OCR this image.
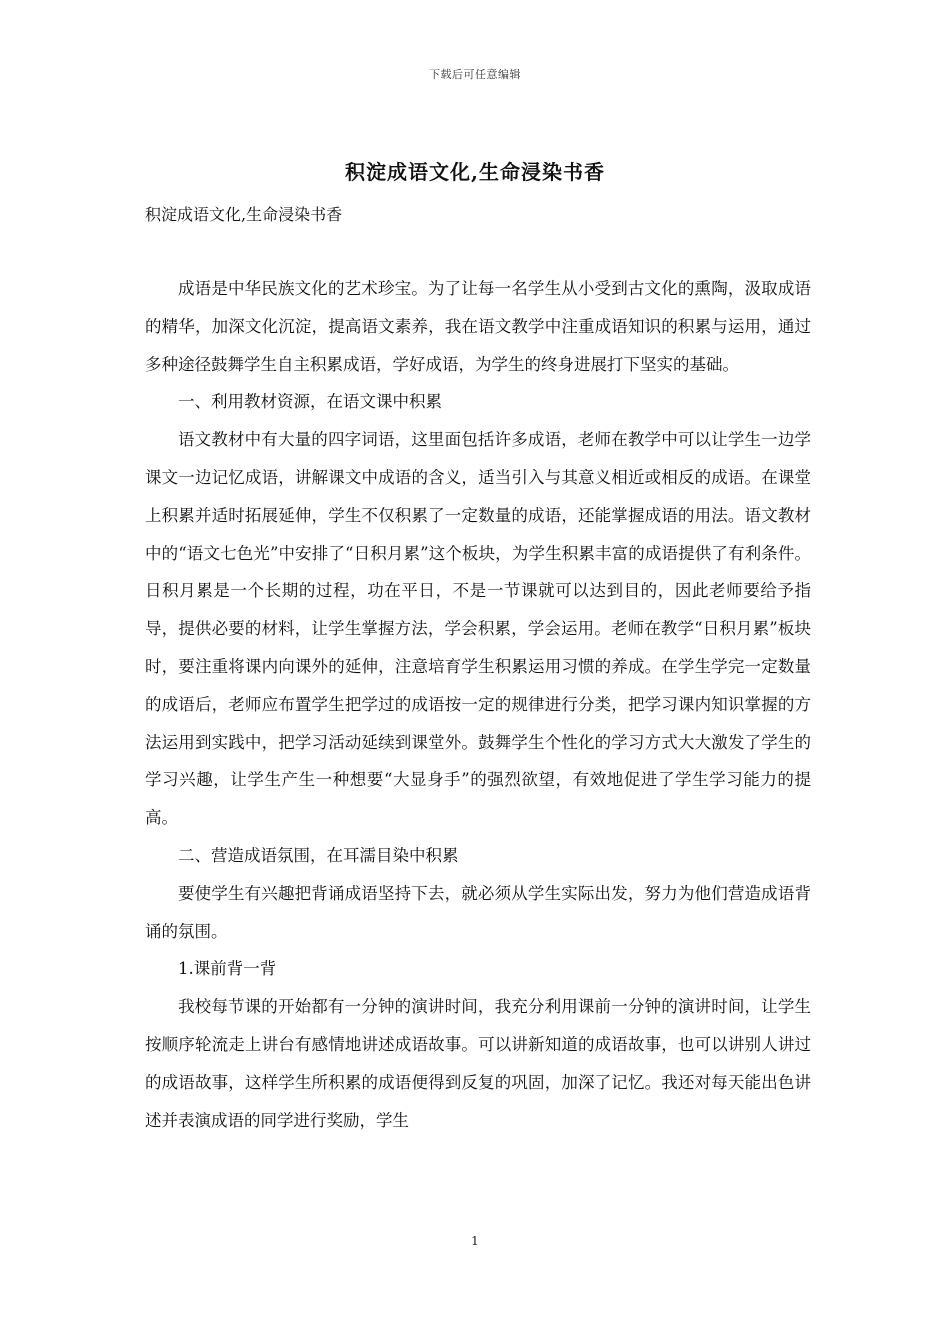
下载后可任意编辑
积淀成语文化,生命浸染书香
积淀成语文化,生命浸染书香

成语是中华民族文化的艺术珍宝。为了让每一名学生从小受到古文化的熏陶，汲取成语的精华，加深文化沉淀，提高语文素养，我在语文教学中注重成语知识的积累与运用，通过多种途径鼓舞学生自主积累成语，学好成语，为学生的终身进展打下坚实的基础。

一、利用教材资源，在语文课中积累

语文教材中有大量的四字词语，这里面包括许多成语，老师在教学中可以让学生一边学课文一边记忆成语，讲解课文中成语的含义，适当引入与其意义相近或相反的成语。在课堂上积累并适时拓展延伸，学生不仅积累了一定数量的成语，还能掌握成语的用法。语文教材中的“语文七色光”中安排了“日积月累”这个板块，为学生积累丰富的成语提供了有利条件。日积月累是一个长期的过程，功在平日，不是一节课就可以达到目的，因此老师要给予指导，提供必要的材料，让学生掌握方法，学会积累，学会运用。老师在教学“日积月累”板块时，要注重将课内向课外的延伸，注意培育学生积累运用习惯的养成。在学生学完一定数量的成语后，老师应布置学生把学过的成语按一定的规律进行分类，把学习课内知识掌握的方法运用到实践中，把学习活动延续到课堂外。鼓舞学生个性化的学习方式大大激发了学生的学习兴趣，让学生产生一种想要“大显身手”的强烈欲望，有效地促进了学生学习能力的提高。

二、营造成语氛围，在耳濡目染中积累

要使学生有兴趣把背诵成语坚持下去，就必须从学生实际出发，努力为他们营造成语背诵的氛围。

1.课前背一背

我校每节课的开始都有一分钟的演讲时间，我充分利用课前一分钟的演讲时间，让学生按顺序轮流走上讲台有感情地讲述成语故事。可以讲新知道的成语故事，也可以讲别人讲过的成语故事，这样学生所积累的成语便得到反复的巩固，加深了记忆。我还对每天能出色讲述并表演成语的同学进行奖励，学生

1
